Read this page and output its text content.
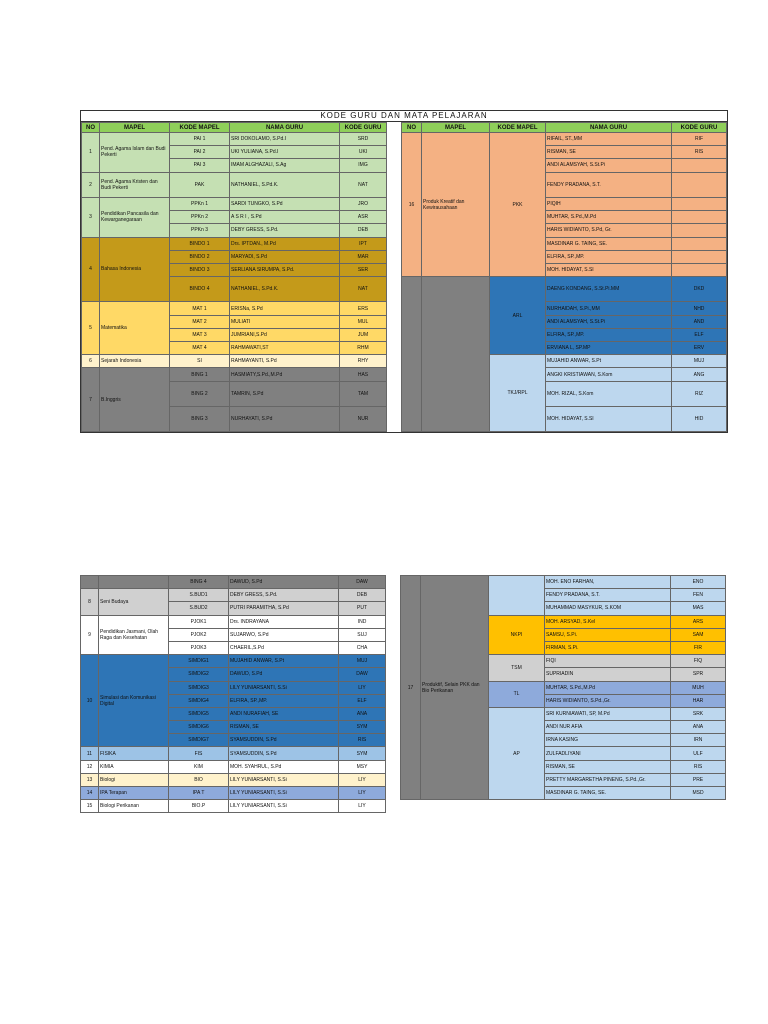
KODE GURU DAN MATA PELAJARAN
NO	MAPEL	KODE MAPEL	NAMA GURU	KODE GURU
1	Pend. Agama Islam dan Budi Pekerti	PAI 1	SRI DOKOLAMO, S.Pd.I	SRD
		PAI 2	UKI YULIANA, S.Pd.I	UKI
		PAI 3	IMAM ALGHAZALI, S.Ag	IMG
2	Pend. Agama Kristen dan Budi Pekerti	PAK	NATHANIEL, S.Pd.K.	NAT
3	Pendidikan Pancasila dan Kewarganegaraan	PPKn 1	SARDI TUNGKO, S.Pd	JRO
		PPKn 2	A S R I , S.Pd	ASR
		PPKn 3	DEBY GRESS, S.Pd.	DEB
4	Bahasa Indonesia	BINDO 1	Drs. IPTDAN., M.Pd	IPT
		BINDO 2	MARYADI, S.Pd	MAR
		BINDO 3	SERLIANA SIRUMPA, S.Pd.	SER
		BINDO 4	NATHANIEL, S.Pd.K.	NAT
5	Matematika	MAT 1	ERISNa, S.Pd	ERS
		MAT 2	MULIATI	MUL
		MAT 3	JUMRIANI,S.Pd	JUM
		MAT 4	RAHMAWATI,ST	RHM
6	Sejarah Indonesia	SI	RAHMAYANTI, S.Pd	RHY
7	B.Inggris	BING 1	HASMIATY,S.Pd.,M.Pd	HAS
		BING 2	TAMRIN, S.Pd	TAM
		BING 3	NURHAYATI, S.Pd	NUR
NO	MAPEL	KODE MAPEL	NAMA GURU	KODE GURU
16	Produk Kreatif dan Kewirausahaan	PKK	RIFAIL, ST.,MM	RIF
			RISMAN, SE	RIS
			ANDI ALAMSYAH, S.St.Pi	
			FENDY PRADANA, S.T.	
			PIQIH	
			MUHTAR, S.Pd.,M.Pd	
			HARIS WIDIANTO, S.Pd, Gr.	
			MASDINAR G. TAING, SE.	
			ELFIRA, SP.,MP.	
			MOH. HIDAYAT, S.SI	
		ARL	DAENG KONDANG, S.St.Pi.MM	DKD
			NURHAIDAH, S.Pi.,MM	NHD
			ANDI ALAMSYAH, S.St.Pi	AND
			ELFIRA, SP.,MP.	ELF
			ERVIANA L, SP.MP	ERV
		TKJ/RPL	MUJAHID ANWAR, S.Pt	MUJ
			ANGKI KRISTIAWAN, S.Kom	ANG
			MOH. RIZAL, S.Kom	RIZ
			MOH. HIDAYAT, S.SI	HID
		BING 4	DAWUD, S.Pd	DAW
8	Seni Budaya	S.BUD1	DEBY GRESS, S.Pd.	DEB
		S.BUD2	PUTRI PARAMITHA, S.Pd	PUT
9	Pendidikan Jasmani, Olah Raga dan Kesehatan	PJOK1	Drs. INDRAYANA	IND
		PJOK2	SUJARWO, S.Pd	SUJ
		PJOK3	CHAERIL,S.Pd	CHA
10	Simulasi dan Komunikasi Digital	SIMDIG1	MUJAHID ANWAR, S.Pt	MUJ
		SIMDIG2	DAWUD, S.Pd	DAW
		SIMDIG3	LILY YUNIARSANTI, S.Si	LIY
		SIMDIG4	ELFIRA, SP.,MP.	ELF
		SIMDIG5	ANDI NURAFIAH, SE	ANA
		SIMDIG6	RISMAN, SE	SYM
		SIMDIG7	SYAMSUDDIN, S.Pd	RIS
11	FISIKA	FIS	SYAMSUDDIN, S.Pd	SYM
12	KIMIA	KIM	MOH. SYAHRUL, S.Pd	MSY
13	Biologi	BIO	LILY YUNIARSANTI, S.Si	LIY
14	IPA Terapan	IPA T	LILY YUNIARSANTI, S.Si	LIY
15	Biologi Perikanan	BIO.P	LILY YUNIARSANTI, S.Si	LIY
17	Produktif, Selain PKK dan Bio Perikanan		MOH. ENO FARHAN,	ENO
			FENDY PRADANA, S.T.	FEN
			MUHAMMAD MASYKUR, S.KOM	MAS
		NKPI	MOH. ARSYAD, S.Kel	ARS
			SAMSU, S.Pi.	SAM
			FIRMAN, S.Pi.	FIR
		TSM	FIQI	FIQ
			SUPRIADIN	SPR
		TL	MUHTAR, S.Pd.,M.Pd	MUH
			HARIS WIDIANTO, S.Pd.,Gr.	HAR
		AP	SRI KURNIAWATI, SP, M.Pd	SRK
			ANDI NUR AFIA	ANA
			IRNA KASING	IRN
			ZULFADLIYANI	ULF
			RISMAN, SE	RIS
			PRETTY MARGARETHA PINENG, S.Pd.,Gr.	PRE
			MASDINAR G. TAING, SE.	MSD
